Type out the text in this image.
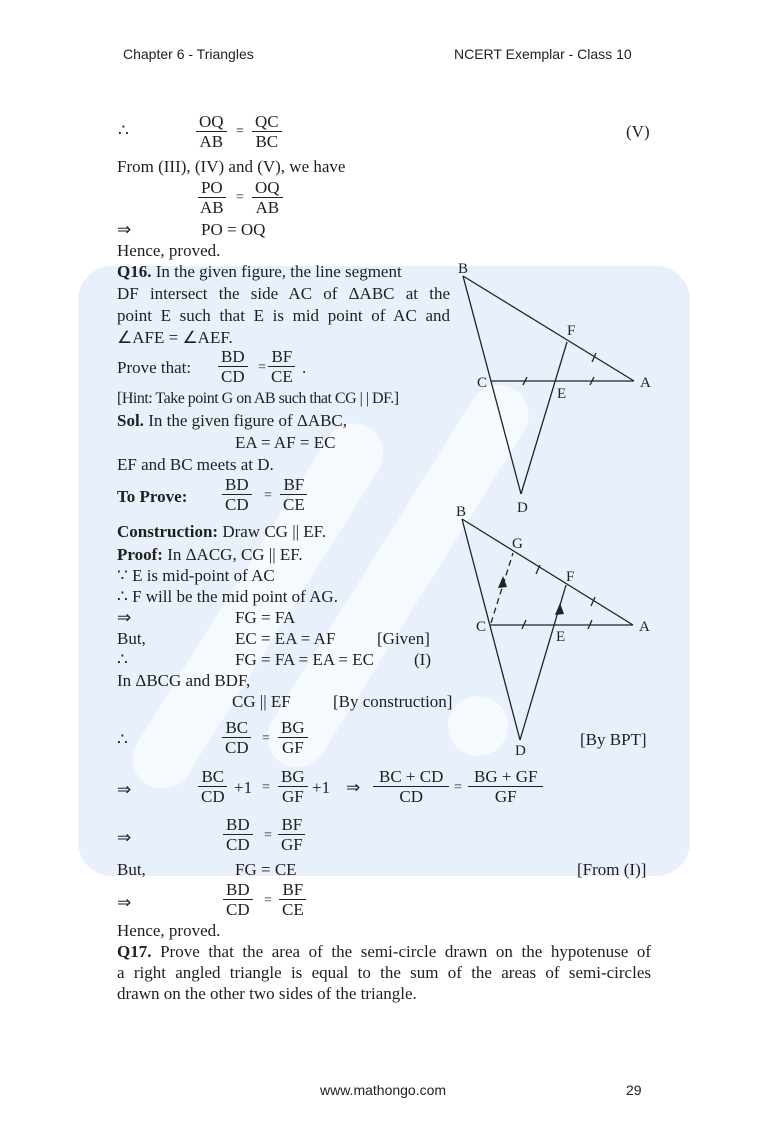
Chapter 6 - Triangles	NCERT Exemplar - Class 10
∴	$\frac{OQ}{AB} = \frac{QC}{BC}$	(V)
From (III), (IV) and (V), we have
$\frac{PO}{AB} = \frac{OQ}{AB}$
⇒	PO = OQ
Hence, proved.
Q16. In the given figure, the line segment
DF intersect the side AC of ΔABC at the
point E such that E is mid point of AC and
∠AFE = ∠AEF.
Prove that: $\frac{BD}{CD} = \frac{BF}{CE}$ .
[Hint: Take point G on AB such that CG | | DF.]
Sol. In the given figure of ΔABC,
EA = AF = EC
EF and BC meets at D.
To Prove: $\frac{BD}{CD} = \frac{BF}{CE}$
Construction: Draw CG || EF.
Proof: In ΔACG, CG || EF.
∵ E is mid-point of AC
∴ F will be the mid point of AG.
⇒	FG = FA
But,	EC = EA = AF [Given]
∴	FG = FA = EA = EC (I)
In ΔBCG and BDF,
CG || EF [By construction]
∴	$\frac{BC}{CD} = \frac{BG}{GF}$	[By BPT]
⇒	$\frac{BC}{CD} +1 = \frac{BG}{GF} +1$ ⇒ $\frac{BC + CD}{CD} = \frac{BG + GF}{GF}$
⇒	$\frac{BD}{CD} = \frac{BF}{GF}$
But,	FG = CE	[From (I)]
⇒	$\frac{BD}{CD} = \frac{BF}{CE}$
Hence, proved.
Q17. Prove that the area of the semi-circle drawn on the hypotenuse of
a right angled triangle is equal to the sum of the areas of semi-circles
drawn on the other two sides of the triangle.
B
F
C
E
A
D
B
G
F
C
E
A
D
www.mathongo.com	29
